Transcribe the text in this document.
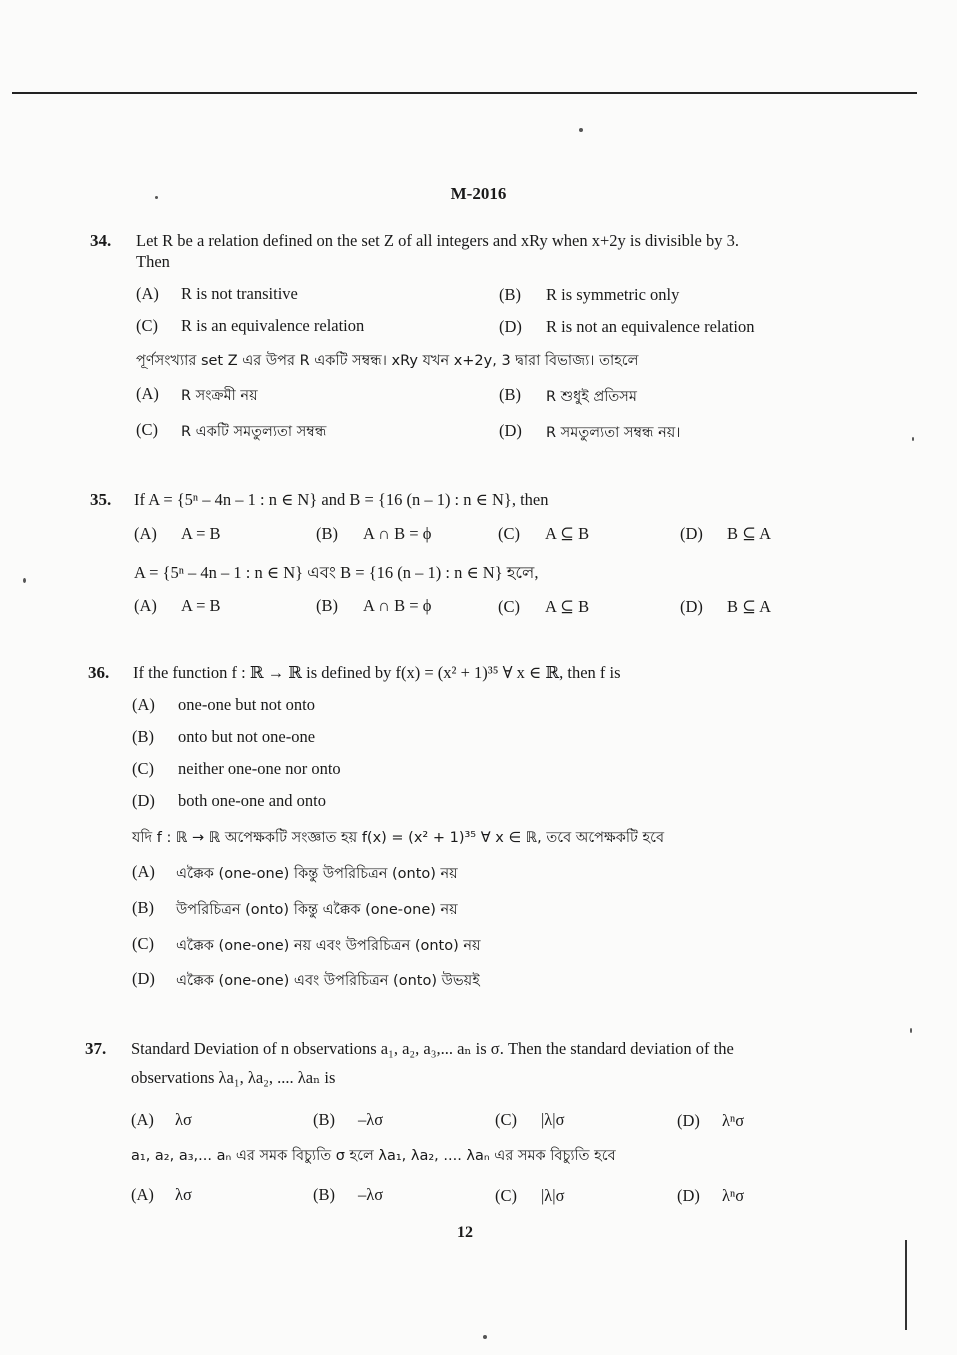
M-2016
34. Let R be a relation defined on the set Z of all integers and xRy when x+2y is divisible by 3.
Then
(A) R is not transitive	(B) R is symmetric only
(C) R is an equivalence relation	(D) R is not an equivalence relation
পূর্ণসংখ্যার set Z এর উপর R একটি সম্বন্ধ। xRy যখন x+2y, 3 দ্বারা বিভাজ্য। তাহলে
(A) R সংক্রমী নয়	(B) R শুধুই প্রতিসম
(C) R একটি সমতুল্যতা সম্বন্ধ	(D) R সমতুল্যতা সম্বন্ধ নয়।
35. If A = {5ⁿ – 4n – 1 : n ∈ N} and B = {16 (n – 1) : n ∈ N}, then
(A) A = B	(B) A ∩ B = ϕ	(C) A ⊆ B	(D) B ⊆ A
A = {5ⁿ – 4n – 1 : n ∈ N} এবং B = {16 (n – 1) : n ∈ N} হলে,
(A) A = B	(B) A ∩ B = ϕ	(C) A ⊆ B	(D) B ⊆ A
36. If the function f : ℝ → ℝ is defined by f(x) = (x² + 1)³⁵ ∀ x ∈ ℝ, then f is
(A) one-one but not onto
(B) onto but not one-one
(C) neither one-one nor onto
(D) both one-one and onto
যদি f : ℝ → ℝ অপেক্ষকটি সংজ্ঞাত হয় f(x) = (x² + 1)³⁵ ∀ x ∈ ℝ, তবে অপেক্ষকটি হবে
(A) এক্কৈক (one-one) কিন্তু উপরিচিত্রন (onto) নয়
(B) উপরিচিত্রন (onto) কিন্তু এক্কৈক (one-one) নয়
(C) এক্কৈক (one-one) নয় এবং উপরিচিত্রন (onto) নয়
(D) এক্কৈক (one-one) এবং উপরিচিত্রন (onto) উভয়ই
37. Standard Deviation of n observations a₁, a₂, a₃,... aₙ is σ. Then the standard deviation of the
observations λa₁, λa₂, .... λaₙ is
(A) λσ	(B) –λσ	(C) |λ|σ	(D) λⁿσ
a₁, a₂, a₃,... aₙ এর সমক বিচ্যুতি σ হলে λa₁, λa₂, .... λaₙ এর সমক বিচ্যুতি হবে
(A) λσ	(B) –λσ	(C) |λ|σ	(D) λⁿσ
12
